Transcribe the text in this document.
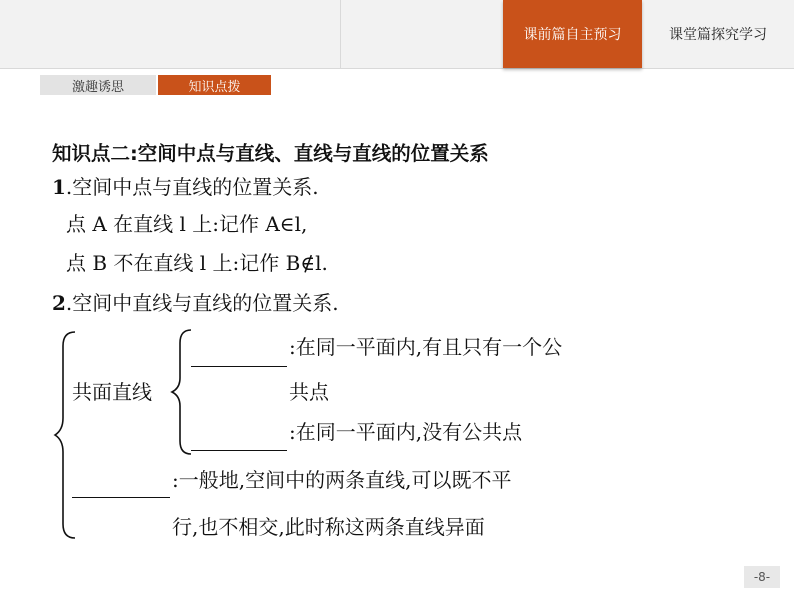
课前篇自主预习	课堂篇探究学习
激趣诱思	知识点拨
知识点二:空间中点与直线、直线与直线的位置关系
1.空间中点与直线的位置关系.
点 A 在直线 l 上:记作 A∈l,
点 B 不在直线 l 上:记作 B∉l.
2.空间中直线与直线的位置关系.
共面直线
:在同一平面内,有且只有一个公
共点
:在同一平面内,没有公共点
:一般地,空间中的两条直线,可以既不平
行,也不相交,此时称这两条直线异面
-8-
